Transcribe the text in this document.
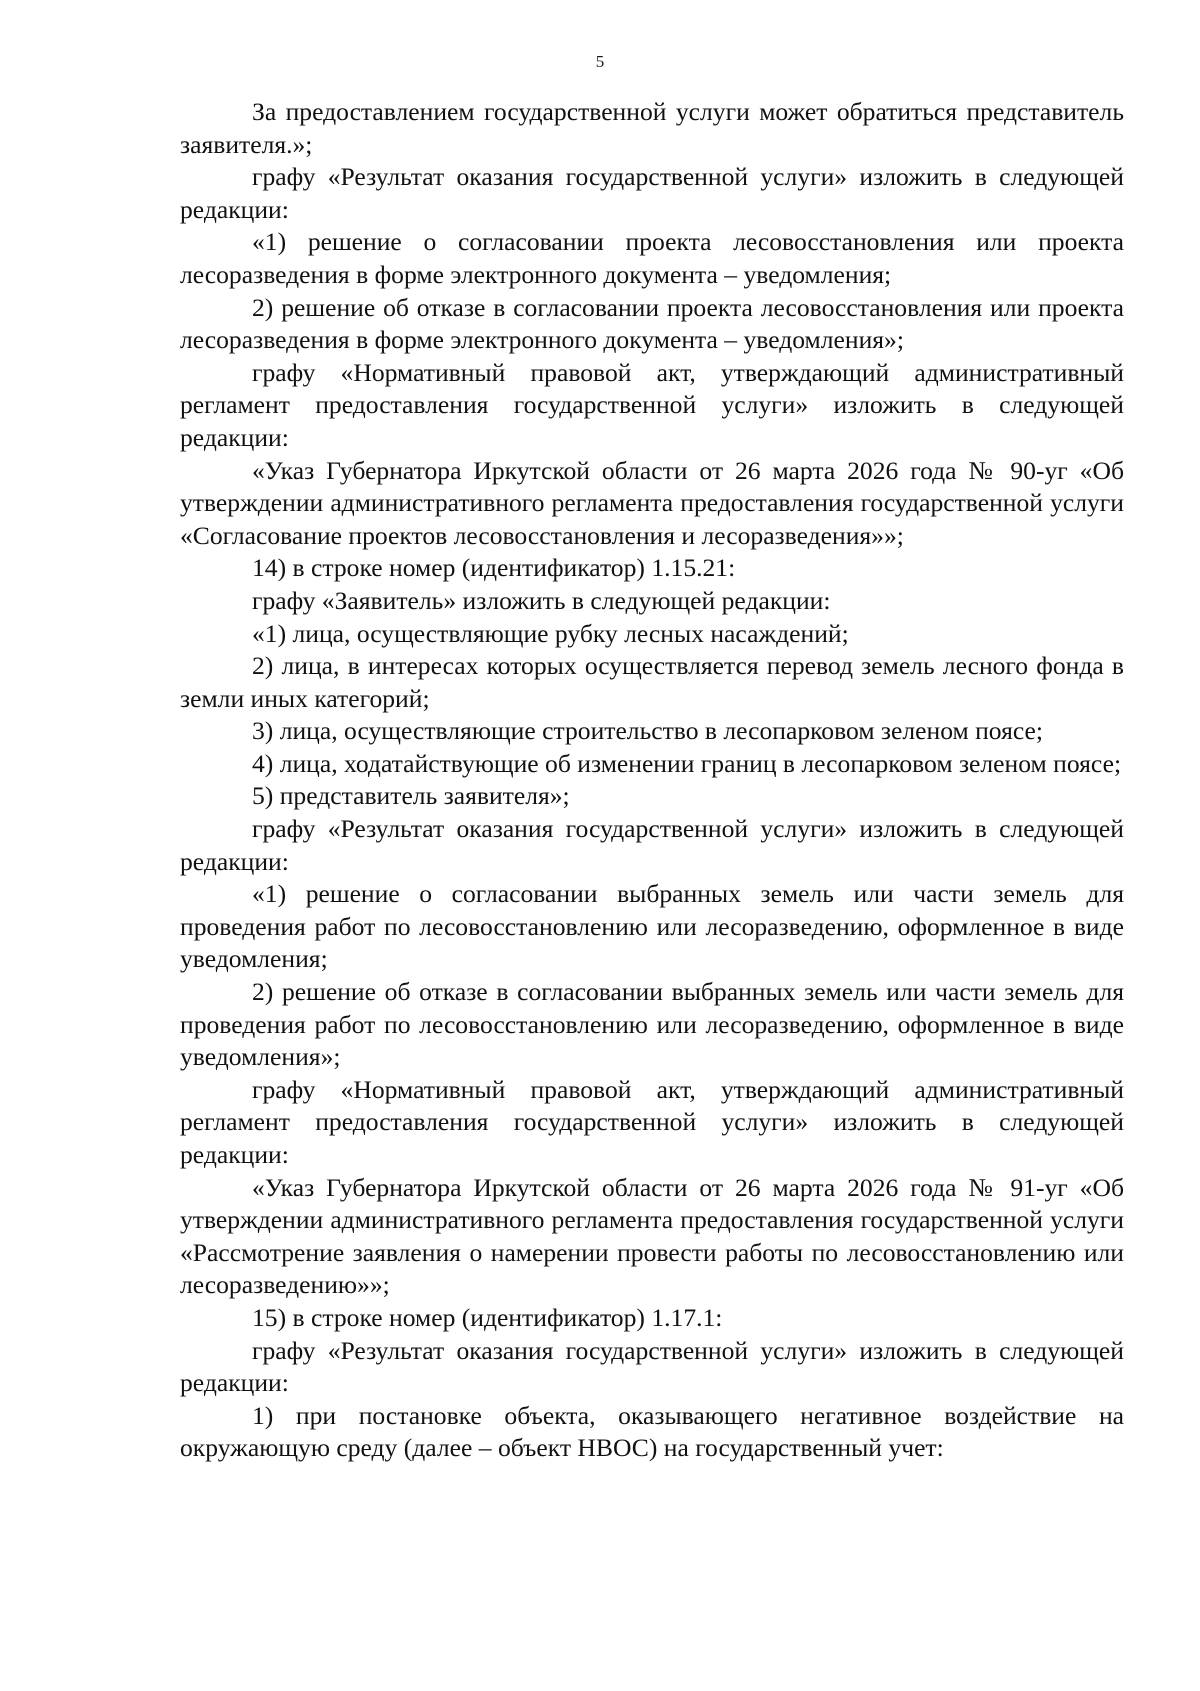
5

За предоставлением государственной услуги может обратиться представитель заявителя.»;

графу «Результат оказания государственной услуги» изложить в следующей редакции:

«1) решение о согласовании проекта лесовосстановления или проекта лесоразведения в форме электронного документа – уведомления;

2) решение об отказе в согласовании проекта лесовосстановления или проекта лесоразведения в форме электронного документа – уведомления»;

графу «Нормативный правовой акт, утверждающий административный регламент предоставления государственной услуги» изложить в следующей редакции:

«Указ Губернатора Иркутской области от 26 марта 2026 года № 90-уг «Об утверждении административного регламента предоставления государственной услуги «Согласование проектов лесовосстановления и лесоразведения»»;

14) в строке номер (идентификатор) 1.15.21:

графу «Заявитель» изложить в следующей редакции:

«1) лица, осуществляющие рубку лесных насаждений;

2) лица, в интересах которых осуществляется перевод земель лесного фонда в земли иных категорий;

3) лица, осуществляющие строительство в лесопарковом зеленом поясе;

4) лица, ходатайствующие об изменении границ в лесопарковом зеленом поясе;

5) представитель заявителя»;

графу «Результат оказания государственной услуги» изложить в следующей редакции:

«1) решение о согласовании выбранных земель или части земель для проведения работ по лесовосстановлению или лесоразведению, оформленное в виде уведомления;

2) решение об отказе в согласовании выбранных земель или части земель для проведения работ по лесовосстановлению или лесоразведению, оформленное в виде уведомления»;

графу «Нормативный правовой акт, утверждающий административный регламент предоставления государственной услуги» изложить в следующей редакции:

«Указ Губернатора Иркутской области от 26 марта 2026 года № 91-уг «Об утверждении административного регламента предоставления государственной услуги «Рассмотрение заявления о намерении провести работы по лесовосстановлению или лесоразведению»»;

15) в строке номер (идентификатор) 1.17.1:

графу «Результат оказания государственной услуги» изложить в следующей редакции:

1) при постановке объекта, оказывающего негативное воздействие на окружающую среду (далее – объект НВОС) на государственный учет:
